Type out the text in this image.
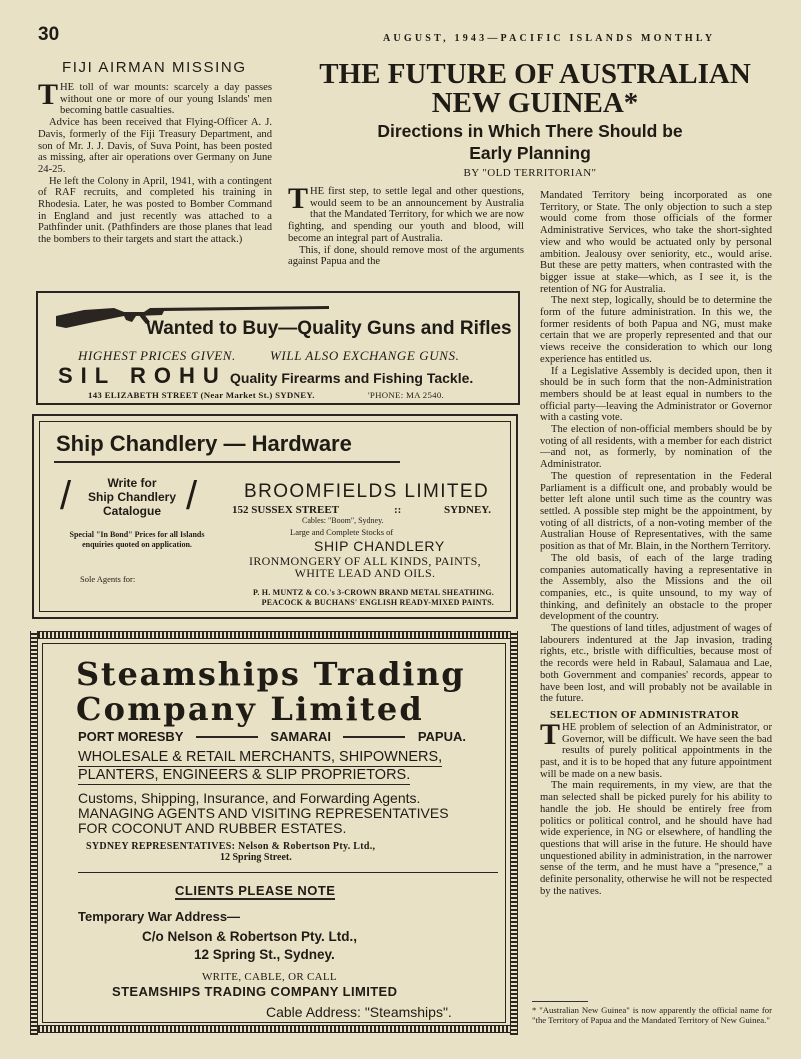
30	AUGUST, 1943—PACIFIC ISLANDS MONTHLY
FIJI AIRMAN MISSING

THE toll of war mounts: scarcely a day passes without one or more of our young Islands' men becoming battle casualties.

Advice has been received that Flying-Officer A. J. Davis, formerly of the Fiji Treasury Department, and son of Mr. J. J. Davis, of Suva Point, has been posted as missing, after air operations over Germany on June 24-25.

He left the Colony in April, 1941, with a contingent of RAF recruits, and completed his training in Rhodesia. Later, he was posted to Bomber Command in England and just recently was attached to a Pathfinder unit. (Pathfinders are those planes that lead the bombers to their targets and start the attack.)

THE FUTURE OF AUSTRALIAN
NEW GUINEA*
Directions in Which There Should be
Early Planning
BY "OLD TERRITORIAN"

THE first step, to settle legal and other questions, would seem to be an announcement by Australia that the Mandated Territory, for which we are now fighting, and spending our youth and blood, will become an integral part of Australia.

This, if done, should remove most of the arguments against Papua and the

Mandated Territory being incorporated as one Territory, or State. The only objection to such a step would come from those officials of the former Administrative Services, who take the short-sighted view and who would be actuated only by personal ambition. Jealousy over seniority, etc., would arise. But these are petty matters, when contrasted with the bigger issue at stake—which, as I see it, is the retention of NG for Australia.

The next step, logically, should be to determine the form of the future administration. In this we, the former residents of both Papua and NG, must make certain that we are properly represented and that our views receive the consideration to which our long experience has entitled us.

If a Legislative Assembly is decided upon, then it should be in such form that the non-Administration members should be at least equal in numbers to the official party—leaving the Administrator or Governor with a casting vote.

The election of non-official members should be by voting of all residents, with a member for each district—and not, as formerly, by nomination of the Administrator.

The question of representation in the Federal Parliament is a difficult one, and probably would be better left alone until such time as the country was settled. A possible step might be the appointment, by voting of all districts, of a non-voting member of the Australian House of Representatives, with the same position as that of Mr. Blain, in the Northern Territory.

The old basis, of each of the large trading companies automatically having a representative in the Assembly, also the Missions and the oil companies, etc., is quite unsound, to my way of thinking, and definitely an obstacle to the proper development of the country.

The questions of land titles, adjustment of wages of labourers indentured at the Jap invasion, trading rights, etc., bristle with difficulties, because most of the records were held in Rabaul, Salamaua and Lae, both Government and companies' records, appear to have been lost, and will probably not be available in the future.

SELECTION OF ADMINISTRATOR

THE problem of selection of an Administrator, or Governor, will be difficult. We have seen the bad results of purely political appointments in the past, and it is to be hoped that any future appointment will be made on a new basis.

The main requirements, in my view, are that the man selected shall be picked purely for his ability to handle the job. He should be entirely free from politics or political control, and he should have had wide experience, in NG or elsewhere, of handling the questions that will arise in the future. He should have unquestioned ability in administration, in the narrower sense of the term, and he must have a "presence," a definite personality, otherwise he will not be respected by the natives.

* "Australian New Guinea" is now apparently the official name for "the Territory of Papua and the Mandated Territory of New Guinea."
Wanted to Buy—Quality Guns and Rifles
HIGHEST PRICES GIVEN.	WILL ALSO EXCHANGE GUNS.
SIL ROHU Quality Firearms and Fishing Tackle.
143 ELIZABETH STREET (Near Market St.) SYDNEY.	'PHONE: MA 2540.
Ship Chandlery — Hardware
/	/
Write for
Ship Chandlery
Catalogue
Special "In Bond" Prices for all Islands enquiries quoted on application.
Sole Agents for:
BROOMFIELDS LIMITED
152 SUSSEX STREET	::	SYDNEY.
Cables: "Boom", Sydney.
Large and Complete Stocks of
SHIP CHANDLERY
IRONMONGERY OF ALL KINDS, PAINTS, WHITE LEAD AND OILS.
P. H. MUNTZ & CO.'s 3-CROWN BRAND METAL SHEATHING.
PEACOCK & BUCHANS' ENGLISH READY-MIXED PAINTS.
Steamships Trading
Company Limited
PORT MORESBY	SAMARAI	PAPUA.
WHOLESALE & RETAIL MERCHANTS, SHIPOWNERS,
PLANTERS, ENGINEERS & SLIP PROPRIETORS.
Customs, Shipping, Insurance, and Forwarding Agents. MANAGING AGENTS AND VISITING REPRESENTATIVES FOR COCONUT AND RUBBER ESTATES.
SYDNEY REPRESENTATIVES: Nelson & Robertson Pty. Ltd.,
12 Spring Street.
CLIENTS PLEASE NOTE
Temporary War Address—
C/o Nelson & Robertson Pty. Ltd.,
12 Spring St., Sydney.
WRITE, CABLE, OR CALL
STEAMSHIPS TRADING COMPANY LIMITED
Cable Address: "Steamships".
